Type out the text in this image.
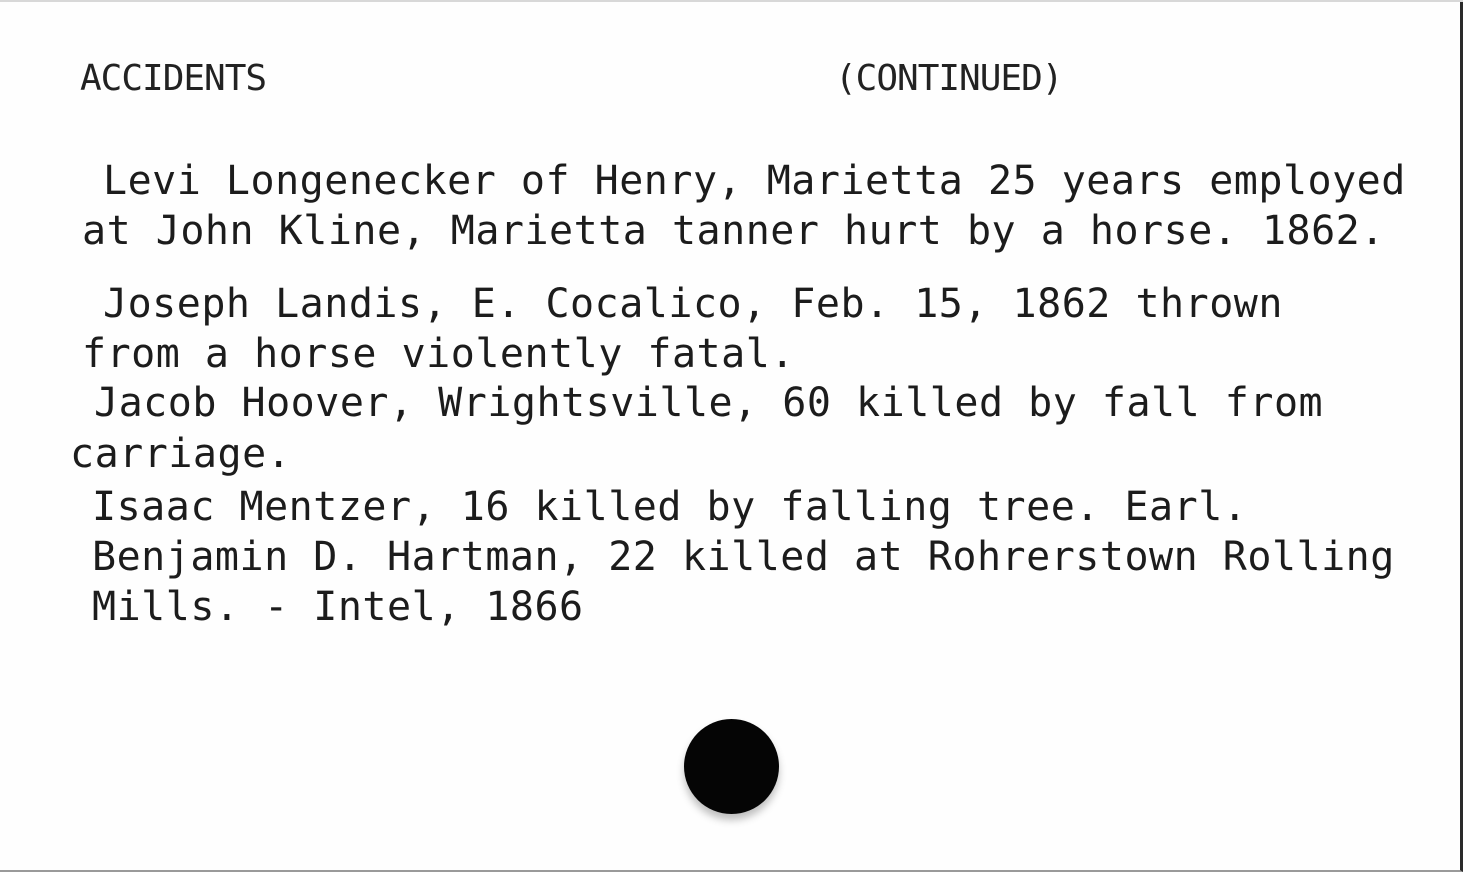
ACCIDENTS	(CONTINUED)
Levi Longenecker of Henry, Marietta 25 years employed
at John Kline, Marietta tanner hurt by a horse. 1862.
Joseph Landis, E. Cocalico, Feb. 15, 1862 thrown
from a horse violently fatal.
Jacob Hoover, Wrightsville, 60 killed by fall from
carriage.
Isaac Mentzer, 16 killed by falling tree. Earl.
Benjamin D. Hartman, 22 killed at Rohrerstown Rolling
Mills. - Intel, 1866
